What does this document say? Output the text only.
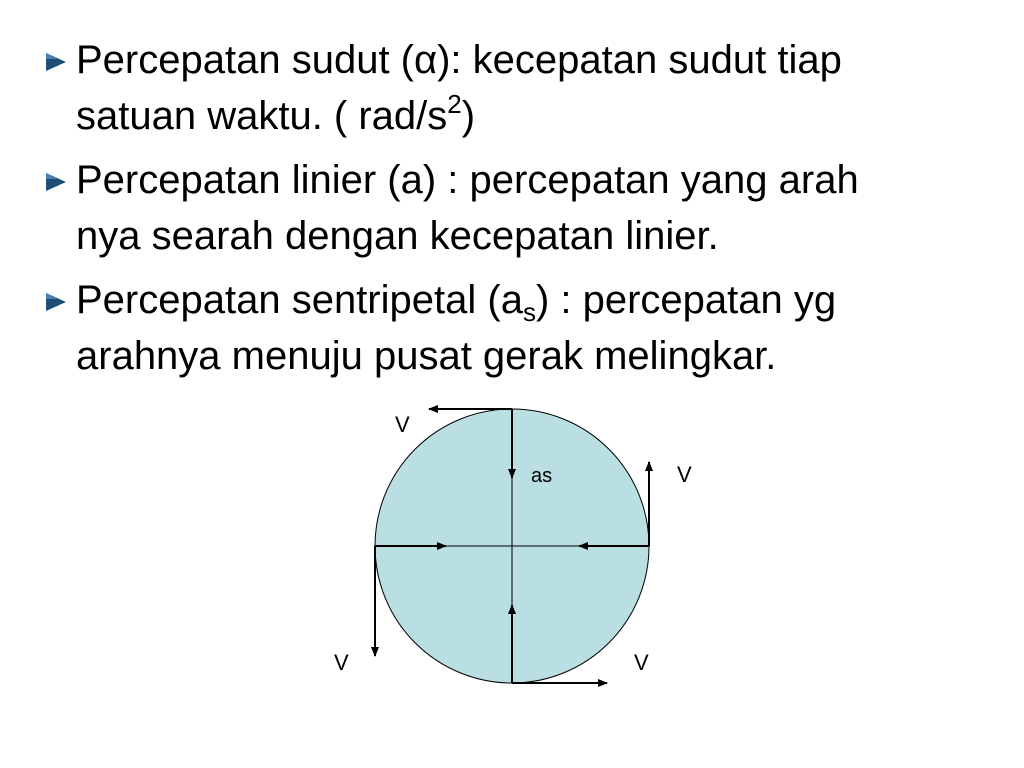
Percepatan sudut (α): kecepatan sudut tiap
satuan waktu. ( rad/$s^2$)

Percepatan linier (a) : percepatan yang arah
nya searah dengan kecepatan linier.

Percepatan sentripetal $(a_s)$ : percepatan yg
arahnya menuju pusat gerak melingkar.

V
V
V
V
as
